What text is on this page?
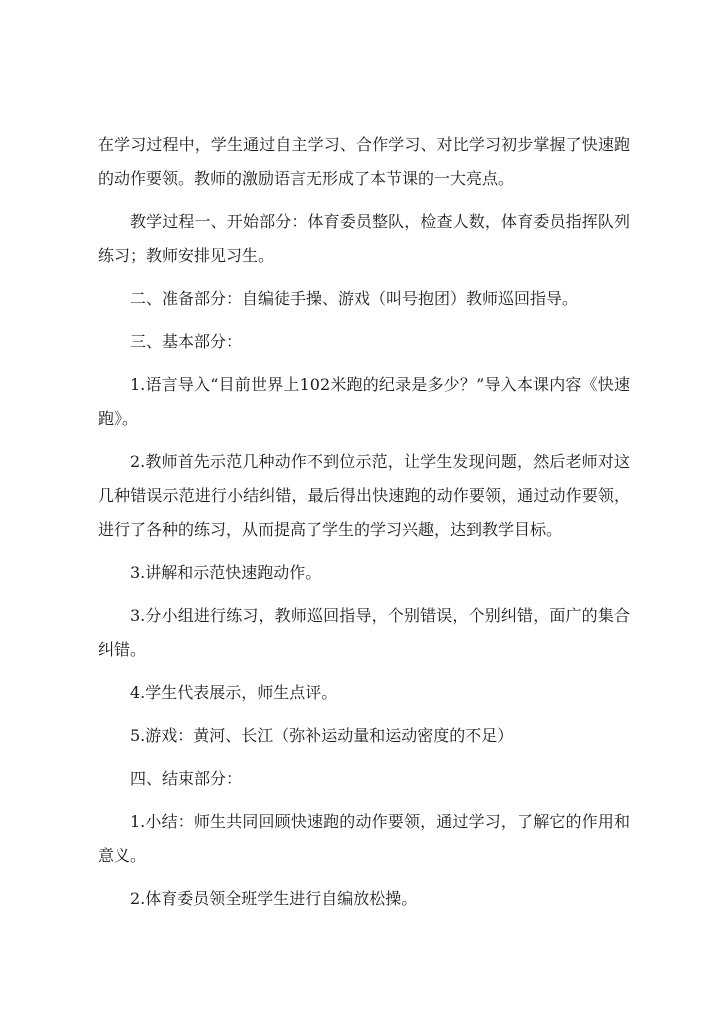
在学习过程中，学生通过自主学习、合作学习、对比学习初步掌握了快速跑的动作要领。教师的激励语言无形成了本节课的一大亮点。

教学过程一、开始部分：体育委员整队，检查人数，体育委员指挥队列练习；教师安排见习生。

二、准备部分：自编徒手操、游戏（叫号抱团）教师巡回指导。

三、基本部分：

1.语言导入“目前世界上102米跑的纪录是多少？”导入本课内容《快速跑》。

2.教师首先示范几种动作不到位示范，让学生发现问题，然后老师对这几种错误示范进行小结纠错，最后得出快速跑的动作要领，通过动作要领，进行了各种的练习，从而提高了学生的学习兴趣，达到教学目标。

3.讲解和示范快速跑动作。

3.分小组进行练习，教师巡回指导，个别错误，个别纠错，面广的集合纠错。

4.学生代表展示，师生点评。

5.游戏：黄河、长江（弥补运动量和运动密度的不足）

四、结束部分：

1.小结：师生共同回顾快速跑的动作要领，通过学习，了解它的作用和意义。

2.体育委员领全班学生进行自编放松操。
